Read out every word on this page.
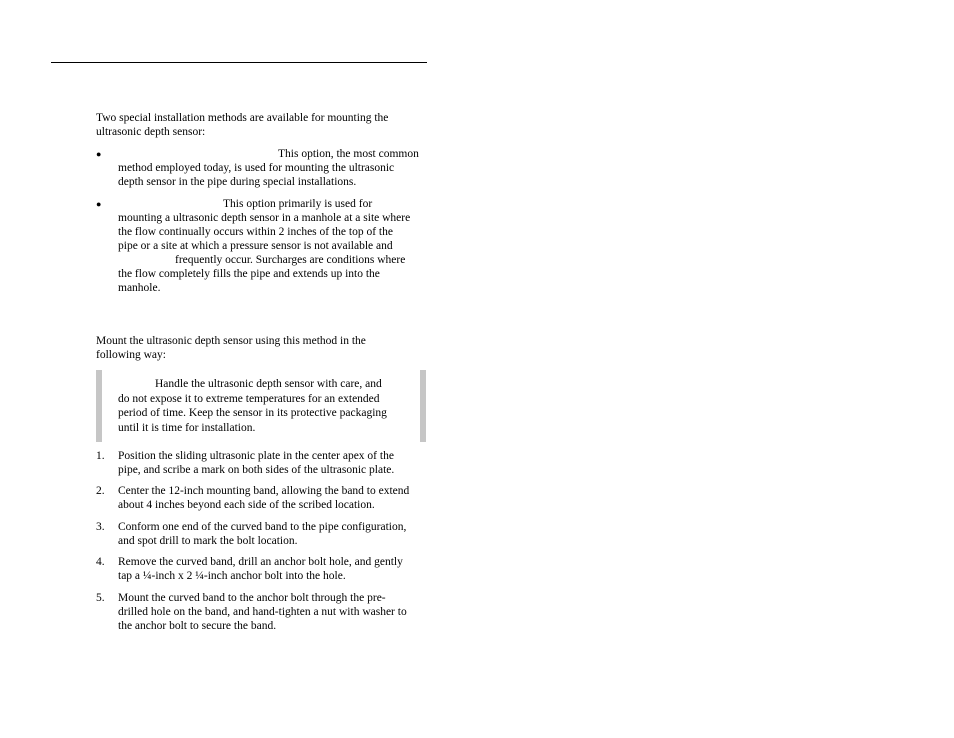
Two special installation methods are available for mounting the
ultrasonic depth sensor:

●	This option, the most common
method employed today, is used for mounting the ultrasonic
depth sensor in the pipe during special installations.
●	This option primarily is used for
mounting a ultrasonic depth sensor in a manhole at a site where
the flow continually occurs within 2 inches of the top of the
pipe or a site at which a pressure sensor is not available and
frequently occur. Surcharges are conditions where
the flow completely fills the pipe and extends up into the
manhole.

Mount the ultrasonic depth sensor using this method in the
following way:

Handle the ultrasonic depth sensor with care, and
do not expose it to extreme temperatures for an extended
period of time. Keep the sensor in its protective packaging
until it is time for installation.
1. Position the sliding ultrasonic plate in the center apex of the
pipe, and scribe a mark on both sides of the ultrasonic plate.
2. Center the 12-inch mounting band, allowing the band to extend
about 4 inches beyond each side of the scribed location.
3. Conform one end of the curved band to the pipe configuration,
and spot drill to mark the bolt location.
4. Remove the curved band, drill an anchor bolt hole, and gently
tap a ¼-inch x 2 ¼-inch anchor bolt into the hole.
5. Mount the curved band to the anchor bolt through the pre-
drilled hole on the band, and hand-tighten a nut with washer to
the anchor bolt to secure the band.
